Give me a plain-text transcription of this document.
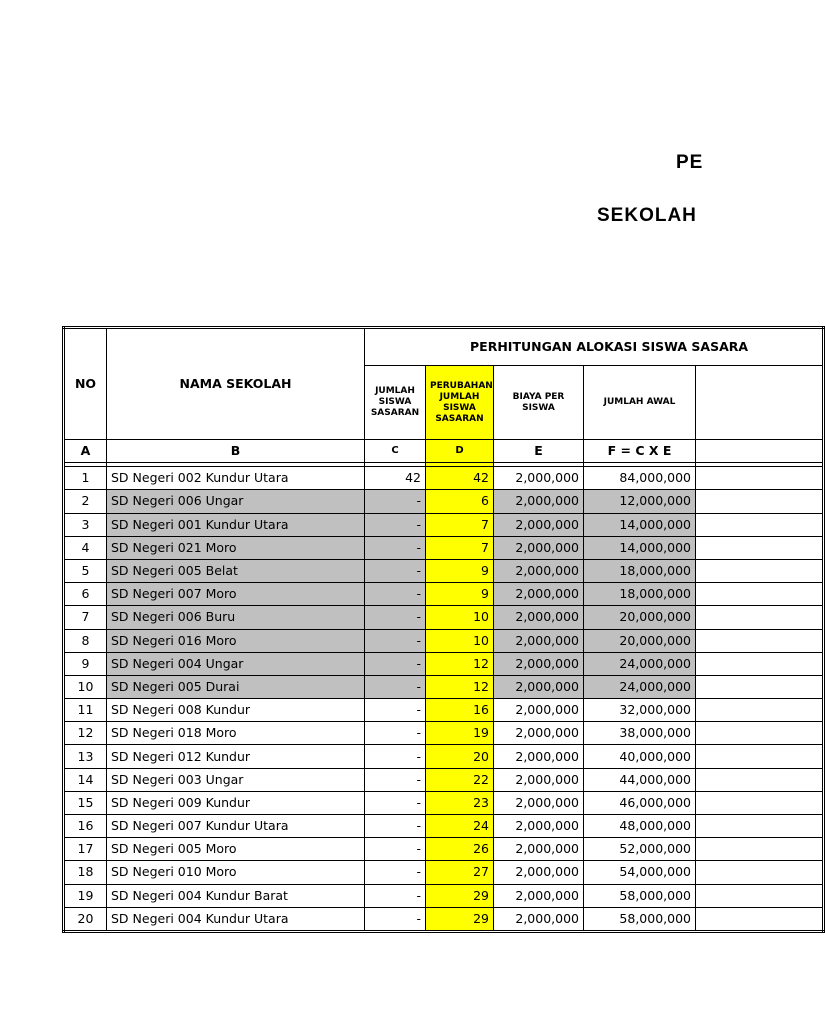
PE
SEKOLAH
NO	NAMA SEKOLAH	PERHITUNGAN ALOKASI SISWA SASARA				
		JUMLAH SISWA SASARAN	PERUBAHAN JUMLAH SISWA SASARAN	BIAYA PER SISWA	JUMLAH AWAL	
A	B	C	D	E	F = C X E	

1	SD Negeri 002 Kundur Utara	42	42	2,000,000	84,000,000	
2	SD Negeri 006 Ungar	-	6	2,000,000	12,000,000	
3	SD Negeri 001 Kundur Utara	-	7	2,000,000	14,000,000	
4	SD Negeri 021 Moro	-	7	2,000,000	14,000,000	
5	SD Negeri 005 Belat	-	9	2,000,000	18,000,000	
6	SD Negeri 007 Moro	-	9	2,000,000	18,000,000	
7	SD Negeri 006 Buru	-	10	2,000,000	20,000,000	
8	SD Negeri 016 Moro	-	10	2,000,000	20,000,000	
9	SD Negeri 004 Ungar	-	12	2,000,000	24,000,000	
10	SD Negeri 005 Durai	-	12	2,000,000	24,000,000	
11	SD Negeri 008 Kundur	-	16	2,000,000	32,000,000	
12	SD Negeri 018 Moro	-	19	2,000,000	38,000,000	
13	SD Negeri 012 Kundur	-	20	2,000,000	40,000,000	
14	SD Negeri 003 Ungar	-	22	2,000,000	44,000,000	
15	SD Negeri 009 Kundur	-	23	2,000,000	46,000,000	
16	SD Negeri 007 Kundur Utara	-	24	2,000,000	48,000,000	
17	SD Negeri 005 Moro	-	26	2,000,000	52,000,000	
18	SD Negeri 010 Moro	-	27	2,000,000	54,000,000	
19	SD Negeri 004 Kundur Barat	-	29	2,000,000	58,000,000	
20	SD Negeri 004 Kundur Utara	-	29	2,000,000	58,000,000	
